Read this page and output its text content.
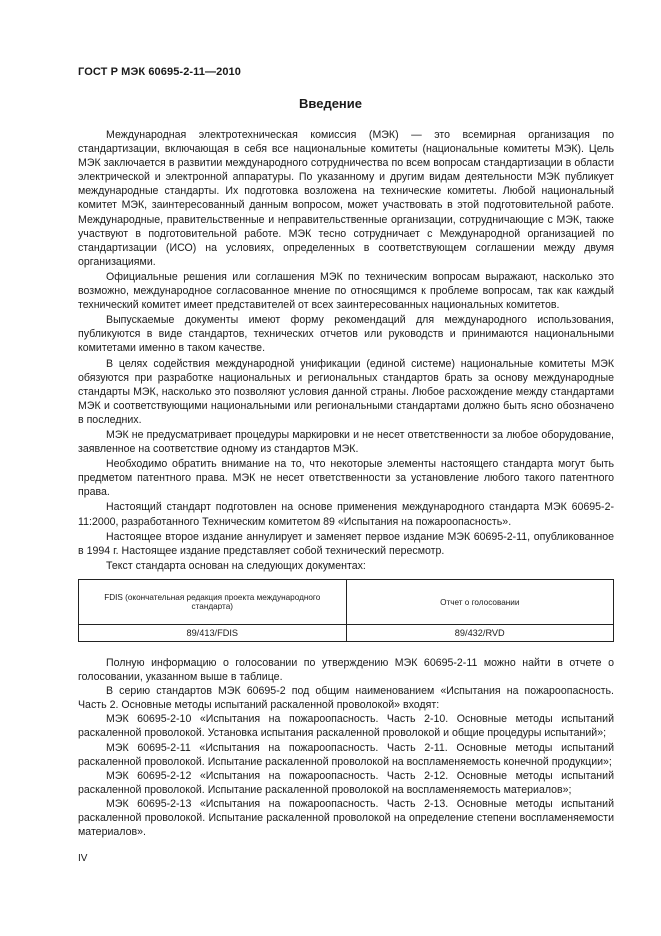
ГОСТ Р МЭК 60695-2-11—2010
Введение

Международная электротехническая комиссия (МЭК) — это всемирная организация по стандартизации, включающая в себя все национальные комитеты (национальные комитеты МЭК). Цель МЭК заключается в развитии международного сотрудничества по всем вопросам стандартизации в области электрической и электронной аппаратуры. По указанному и другим видам деятельности МЭК публикует международные стандарты. Их подготовка возложена на технические комитеты. Любой национальный комитет МЭК, заинтересованный данным вопросом, может участвовать в этой подготовительной работе. Международные, правительственные и неправительственные организации, сотрудничающие с МЭК, также участвуют в подготовительной работе. МЭК тесно сотрудничает с Международной организацией по стандартизации (ИСО) на условиях, определенных в соответствующем соглашении между двумя организациями.

Официальные решения или соглашения МЭК по техническим вопросам выражают, насколько это возможно, международное согласованное мнение по относящимся к проблеме вопросам, так как каждый технический комитет имеет представителей от всех заинтересованных национальных комитетов.

Выпускаемые документы имеют форму рекомендаций для международного использования, публикуются в виде стандартов, технических отчетов или руководств и принимаются национальными комитетами именно в таком качестве.

В целях содействия международной унификации (единой системе) национальные комитеты МЭК обязуются при разработке национальных и региональных стандартов брать за основу международные стандарты МЭК, насколько это позволяют условия данной страны. Любое расхождение между стандартами МЭК и соответствующими национальными или региональными стандартами должно быть ясно обозначено в последних.

МЭК не предусматривает процедуры маркировки и не несет ответственности за любое оборудование, заявленное на соответствие одному из стандартов МЭК.

Необходимо обратить внимание на то, что некоторые элементы настоящего стандарта могут быть предметом патентного права. МЭК не несет ответственности за установление любого такого патентного права.

Настоящий стандарт подготовлен на основе применения международного стандарта МЭК 60695-2-11:2000, разработанного Техническим комитетом 89 «Испытания на пожароопасность».

Настоящее второе издание аннулирует и заменяет первое издание МЭК 60695-2-11, опубликованное в 1994 г. Настоящее издание представляет собой технический пересмотр.

Текст стандарта основан на следующих документах:

FDIS (окончательная редакция проекта международного стандарта)	Отчет о голосовании
89/413/FDIS	89/432/RVD

Полную информацию о голосовании по утверждению МЭК 60695-2-11 можно найти в отчете о голосовании, указанном выше в таблице.

В серию стандартов МЭК 60695-2 под общим наименованием «Испытания на пожароопасность. Часть 2. Основные методы испытаний раскаленной проволокой» входят:

МЭК 60695-2-10 «Испытания на пожароопасность. Часть 2-10. Основные методы испытаний раскаленной проволокой. Установка испытания раскаленной проволокой и общие процедуры испытаний»;

МЭК 60695-2-11 «Испытания на пожароопасность. Часть 2-11. Основные методы испытаний раскаленной проволокой. Испытание раскаленной проволокой на воспламеняемость конечной продукции»;

МЭК 60695-2-12 «Испытания на пожароопасность. Часть 2-12. Основные методы испытаний раскаленной проволокой. Испытание раскаленной проволокой на воспламеняемость материалов»;

МЭК 60695-2-13 «Испытания на пожароопасность. Часть 2-13. Основные методы испытаний раскаленной проволокой. Испытание раскаленной проволокой на определение степени воспламеняемости материалов».

IV
